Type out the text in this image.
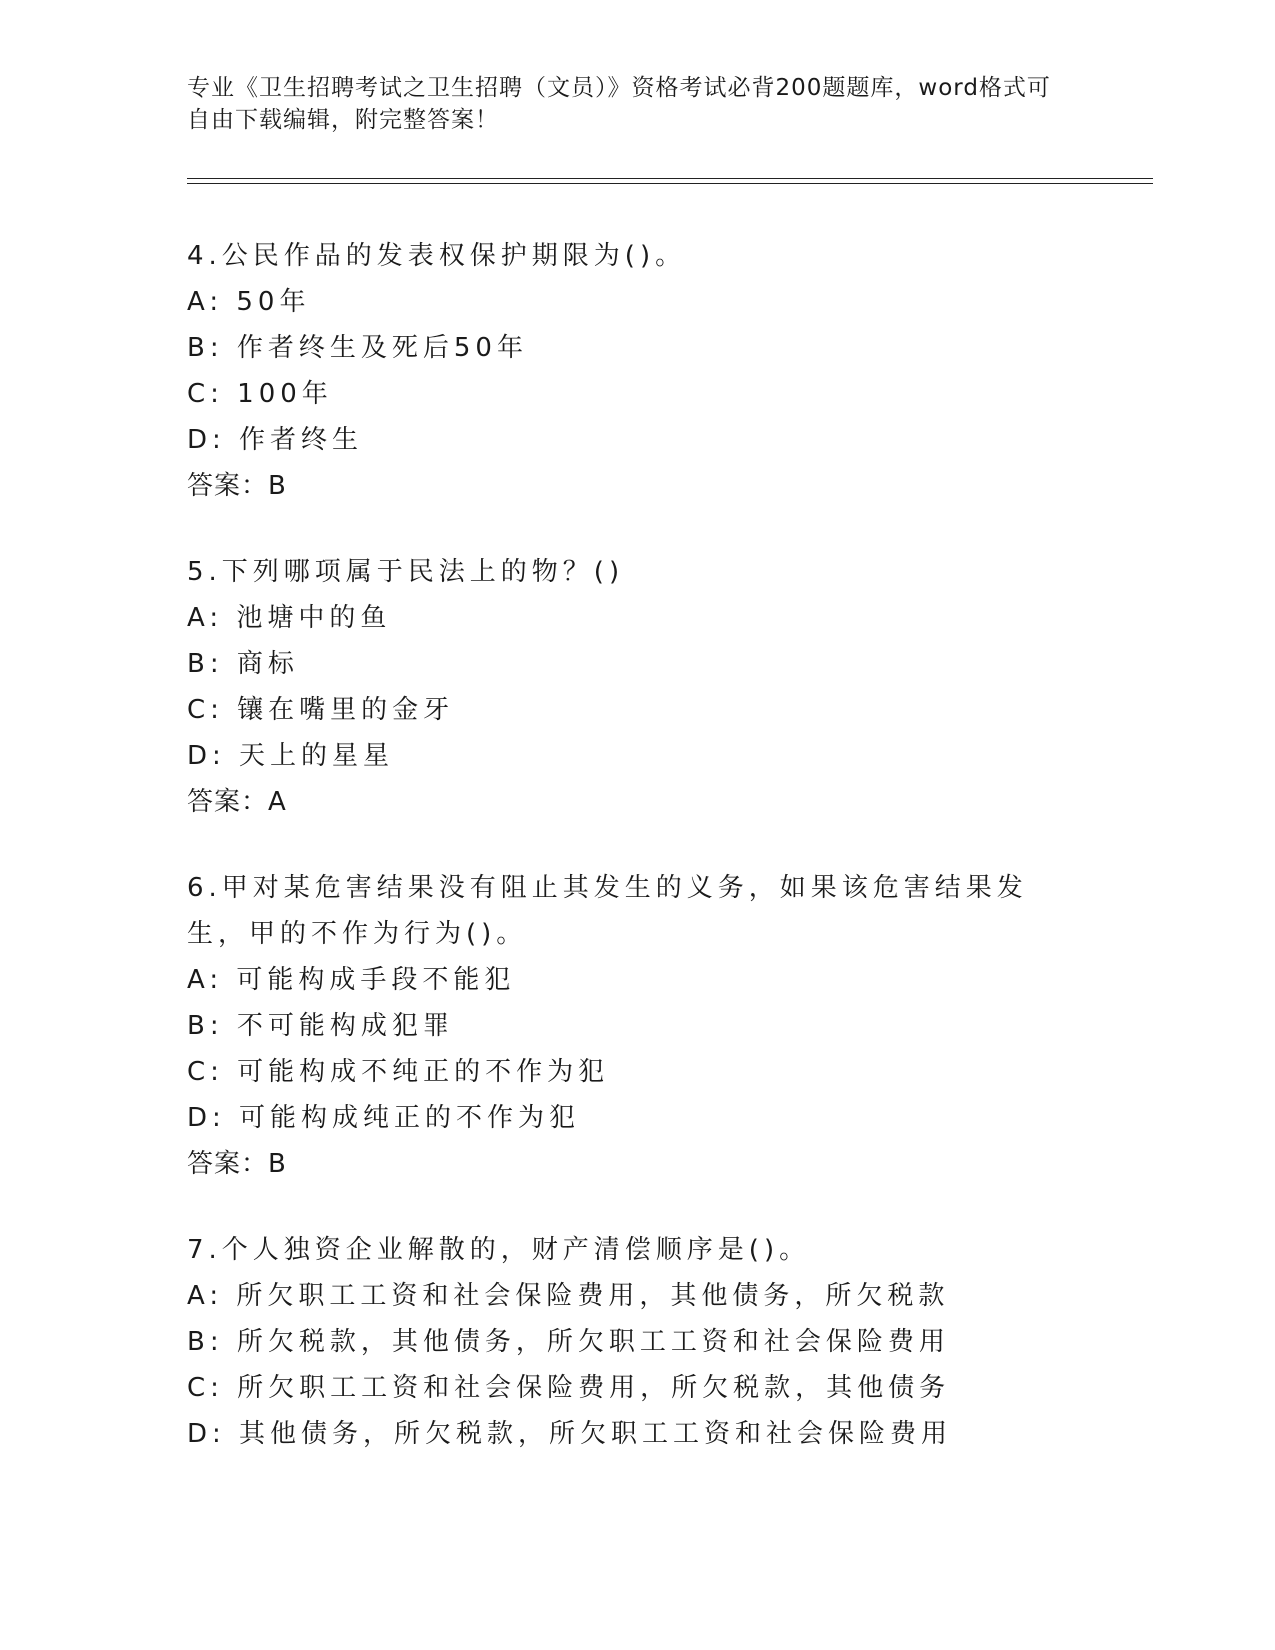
专业《卫生招聘考试之卫生招聘（文员）》资格考试必背200题题库，word格式可自由下载编辑，附完整答案！

4.公民作品的发表权保护期限为()。

A: 50年
B: 作者终生及死后50年
C: 100年
D: 作者终生
答案：B

5.下列哪项属于民法上的物？()

A: 池塘中的鱼
B: 商标
C: 镶在嘴里的金牙
D: 天上的星星
答案：A

6.甲对某危害结果没有阻止其发生的义务，如果该危害结果发生，甲的不作为行为()。

A: 可能构成手段不能犯
B: 不可能构成犯罪
C: 可能构成不纯正的不作为犯
D: 可能构成纯正的不作为犯
答案：B

7.个人独资企业解散的，财产清偿顺序是()。

A: 所欠职工工资和社会保险费用，其他债务，所欠税款
B: 所欠税款，其他债务，所欠职工工资和社会保险费用
C: 所欠职工工资和社会保险费用，所欠税款，其他债务
D: 其他债务，所欠税款，所欠职工工资和社会保险费用
